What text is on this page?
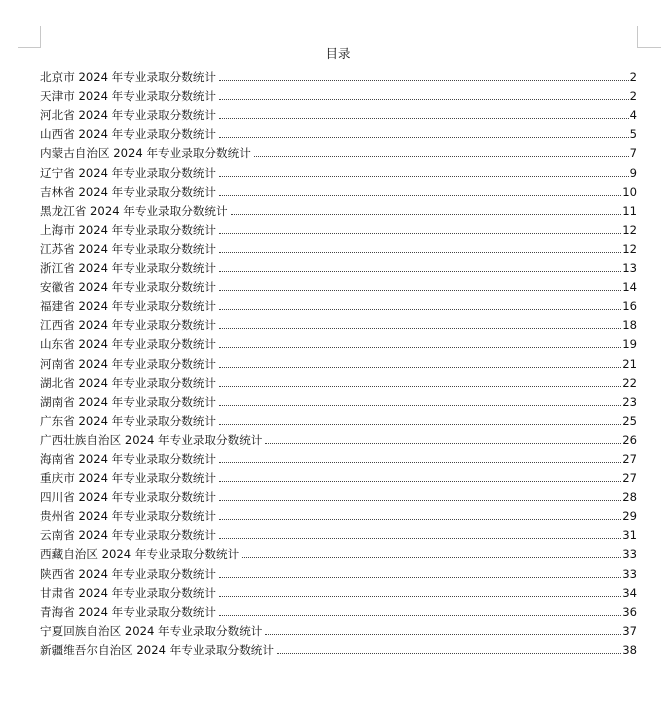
目录
北京市 2024 年专业录取分数统计	2
天津市 2024 年专业录取分数统计	2
河北省 2024 年专业录取分数统计	4
山西省 2024 年专业录取分数统计	5
内蒙古自治区 2024 年专业录取分数统计	7
辽宁省 2024 年专业录取分数统计	9
吉林省 2024 年专业录取分数统计	10
黑龙江省 2024 年专业录取分数统计	11
上海市 2024 年专业录取分数统计	12
江苏省 2024 年专业录取分数统计	12
浙江省 2024 年专业录取分数统计	13
安徽省 2024 年专业录取分数统计	14
福建省 2024 年专业录取分数统计	16
江西省 2024 年专业录取分数统计	18
山东省 2024 年专业录取分数统计	19
河南省 2024 年专业录取分数统计	21
湖北省 2024 年专业录取分数统计	22
湖南省 2024 年专业录取分数统计	23
广东省 2024 年专业录取分数统计	25
广西壮族自治区 2024 年专业录取分数统计	26
海南省 2024 年专业录取分数统计	27
重庆市 2024 年专业录取分数统计	27
四川省 2024 年专业录取分数统计	28
贵州省 2024 年专业录取分数统计	29
云南省 2024 年专业录取分数统计	31
西藏自治区 2024 年专业录取分数统计	33
陕西省 2024 年专业录取分数统计	33
甘肃省 2024 年专业录取分数统计	34
青海省 2024 年专业录取分数统计	36
宁夏回族自治区 2024 年专业录取分数统计	37
新疆维吾尔自治区 2024 年专业录取分数统计	38
